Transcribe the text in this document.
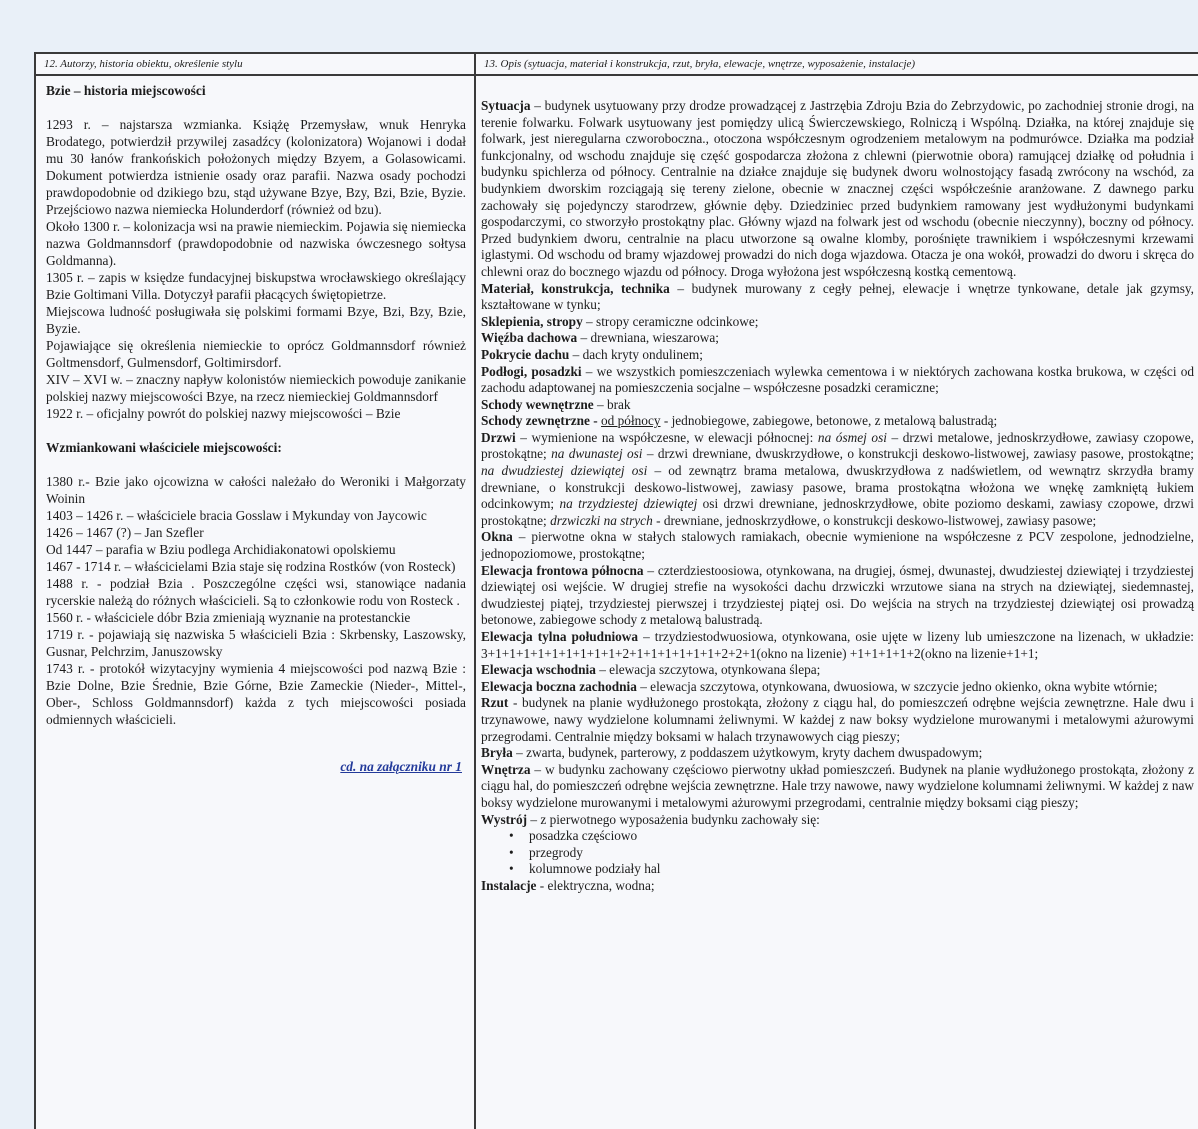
12. Autorzy, historia obiektu, określenie stylu
Bzie – historia miejscowości

1293 r. – najstarsza wzmianka. Książę Przemysław, wnuk Henryka Brodatego, potwierdził przywilej zasadźcy (kolonizatora) Wojanowi i dodał mu 30 łanów frankońskich położonych między Bzyem, a Golasowicami. Dokument potwierdza istnienie osady oraz parafii. Nazwa osady pochodzi prawdopodobnie od dzikiego bzu, stąd używane Bzye, Bzy, Bzi, Bzie, Byzie. Przejściowo nazwa niemiecka Holunderdorf (również od bzu).

Około 1300 r. – kolonizacja wsi na prawie niemieckim. Pojawia się niemiecka nazwa Goldmannsdorf (prawdopodobnie od nazwiska ówczesnego sołtysa Goldmanna).

1305 r. – zapis w księdze fundacyjnej biskupstwa wrocławskiego określający Bzie Goltimani Villa. Dotyczył parafii płacących świętopietrze.

Miejscowa ludność posługiwała się polskimi formami Bzye, Bzi, Bzy, Bzie, Byzie.

Pojawiające się określenia niemieckie to oprócz Goldmannsdorf również Goltmensdorf, Gulmensdorf, Goltimirsdorf.

XIV – XVI w. – znaczny napływ kolonistów niemieckich powoduje zanikanie polskiej nazwy miejscowości Bzye, na rzecz niemieckiej Goldmannsdorf

1922 r. – oficjalny powrót do polskiej nazwy miejscowości – Bzie

Wzmiankowani właściciele miejscowości:

1380 r.- Bzie jako ojcowizna w całości należało do Weroniki i Małgorzaty Woinin

1403 – 1426 r. – właściciele bracia Gosslaw i Mykunday von Jaycowic

1426 – 1467 (?) – Jan Szefler

Od 1447 – parafia w Bziu podlega Archidiakonatowi opolskiemu

1467 - 1714 r. – właścicielami Bzia staje się rodzina Rostków (von Rosteck)

1488 r. - podział Bzia . Poszczególne części wsi, stanowiące nadania rycerskie należą do różnych właścicieli. Są to członkowie rodu von Rosteck .

1560 r. - właściciele dóbr Bzia zmieniają wyznanie na protestanckie

1719 r. - pojawiają się nazwiska 5 właścicieli Bzia : Skrbensky, Laszowsky, Gusnar, Pelchrzim, Januszowsky

1743 r. - protokół wizytacyjny wymienia 4 miejscowości pod nazwą Bzie : Bzie Dolne, Bzie Średnie, Bzie Górne, Bzie Zameckie (Nieder-, Mittel-, Ober-, Schloss Goldmannsdorf) każda z tych miejscowości posiada odmiennych właścicieli.

cd. na załączniku nr 1
13. Opis (sytuacja, materiał i konstrukcja, rzut, bryła, elewacje, wnętrze, wyposażenie, instalacje)

Sytuacja – budynek usytuowany przy drodze prowadzącej z Jastrzębia Zdroju Bzia do Zebrzydowic, po zachodniej stronie drogi, na terenie folwarku. Folwark usytuowany jest pomiędzy ulicą Świerczewskiego, Rolniczą i Wspólną. Działka, na której znajduje się folwark, jest nieregularna czworoboczna., otoczona współczesnym ogrodzeniem metalowym na podmurówce. Działka ma podział funkcjonalny, od wschodu znajduje się część gospodarcza złożona z chlewni (pierwotnie obora) ramującej działkę od południa i budynku spichlerza od północy. Centralnie na działce znajduje się budynek dworu wolnostojący fasadą zwrócony na wschód, za budynkiem dworskim rozciągają się tereny zielone, obecnie w znacznej części współcześnie aranżowane. Z dawnego parku zachowały się pojedynczy starodrzew, głównie dęby. Dziedziniec przed budynkiem ramowany jest wydłużonymi budynkami gospodarczymi, co stworzyło prostokątny plac. Główny wjazd na folwark jest od wschodu (obecnie nieczynny), boczny od północy. Przed budynkiem dworu, centralnie na placu utworzone są owalne klomby, porośnięte trawnikiem i współczesnymi krzewami iglastymi. Od wschodu od bramy wjazdowej prowadzi do nich doga wjazdowa. Otacza je ona wokół, prowadzi do dworu i skręca do chlewni oraz do bocznego wjazdu od północy. Droga wyłożona jest współczesną kostką cementową.

Materiał, konstrukcja, technika – budynek murowany z cegły pełnej, elewacje i wnętrze tynkowane, detale jak gzymsy, kształtowane w tynku;

Sklepienia, stropy – stropy ceramiczne odcinkowe;

Więźba dachowa – drewniana, wieszarowa;

Pokrycie dachu – dach kryty ondulinem;

Podłogi, posadzki – we wszystkich pomieszczeniach wylewka cementowa i w niektórych zachowana kostka brukowa, w części od zachodu adaptowanej na pomieszczenia socjalne – współczesne posadzki ceramiczne;

Schody wewnętrzne – brak

Schody zewnętrzne - od północy - jednobiegowe, zabiegowe, betonowe, z metalową balustradą;

Drzwi – wymienione na współczesne, w elewacji północnej: na ósmej osi – drzwi metalowe, jednoskrzydłowe, zawiasy czopowe, prostokątne; na dwunastej osi – drzwi drewniane, dwuskrzydłowe, o konstrukcji deskowo-listwowej, zawiasy pasowe, prostokątne; na dwudziestej dziewiątej osi – od zewnątrz brama metalowa, dwuskrzydłowa z nadświetlem, od wewnątrz skrzydła bramy drewniane, o konstrukcji deskowo-listwowej, zawiasy pasowe, brama prostokątna włożona we wnękę zamkniętą łukiem odcinkowym; na trzydziestej dziewiątej osi drzwi drewniane, jednoskrzydłowe, obite poziomo deskami, zawiasy czopowe, drzwi prostokątne; drzwiczki na strych - drewniane, jednoskrzydłowe, o konstrukcji deskowo-listwowej, zawiasy pasowe;

Okna – pierwotne okna w stałych stalowych ramiakach, obecnie wymienione na współczesne z PCV zespolone, jednodzielne, jednopoziomowe, prostokątne;

Elewacja frontowa północna – czterdziestoosiowa, otynkowana, na drugiej, ósmej, dwunastej, dwudziestej dziewiątej i trzydziestej dziewiątej osi wejście. W drugiej strefie na wysokości dachu drzwiczki wrzutowe siana na strych na dziewiątej, siedemnastej, dwudziestej piątej, trzydziestej pierwszej i trzydziestej piątej osi. Do wejścia na strych na trzydziestej dziewiątej osi prowadzą betonowe, zabiegowe schody z metalową balustradą.

Elewacja tylna południowa – trzydziestodwuosiowa, otynkowana, osie ujęte w lizeny lub umieszczone na lizenach, w układzie: 3+1+1+1+1+1+1+1+1+1+2+1+1+1+1+1+1+2+2+1(okno na lizenie) +1+1+1+1+2(okno na lizenie+1+1;

Elewacja wschodnia – elewacja szczytowa, otynkowana ślepa;

Elewacja boczna zachodnia – elewacja szczytowa, otynkowana, dwuosiowa, w szczycie jedno okienko, okna wybite wtórnie;

Rzut - budynek na planie wydłużonego prostokąta, złożony z ciągu hal, do pomieszczeń odrębne wejścia zewnętrzne. Hale dwu i trzynawowe, nawy wydzielone kolumnami żeliwnymi. W każdej z naw boksy wydzielone murowanymi i metalowymi ażurowymi przegrodami. Centralnie między boksami w halach trzynawowych ciąg pieszy;

Bryła – zwarta, budynek, parterowy, z poddaszem użytkowym, kryty dachem dwuspadowym;

Wnętrza – w budynku zachowany częściowo pierwotny układ pomieszczeń. Budynek na planie wydłużonego prostokąta, złożony z ciągu hal, do pomieszczeń odrębne wejścia zewnętrzne. Hale trzy nawowe, nawy wydzielone kolumnami żeliwnymi. W każdej z naw boksy wydzielone murowanymi i metalowymi ażurowymi przegrodami, centralnie między boksami ciąg pieszy;

Wystrój – z pierwotnego wyposażenia budynku zachowały się:

• posadzka częściowo
• przegrody
• kolumnowe podziały hal

Instalacje - elektryczna, wodna;
